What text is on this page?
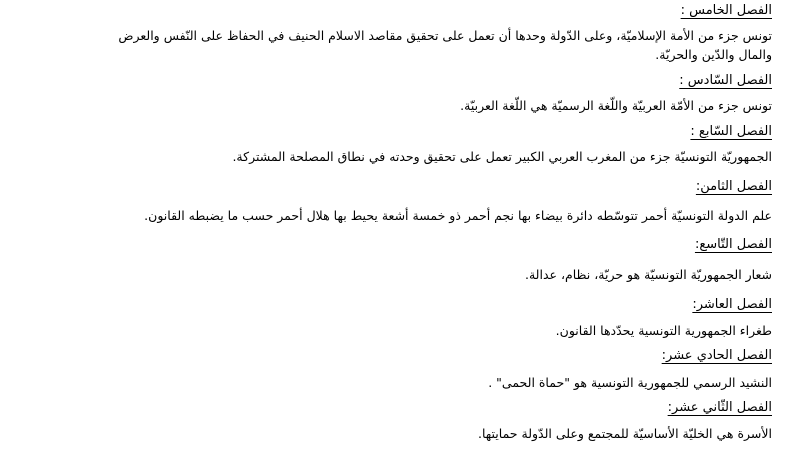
الفصل الخامس :
تونس جزء من الأمة الإسلاميّة، وعلى الدّولة وحدها أن تعمل على تحقيق مقاصد الاسلام الحنيف في الحفاظ على النّفس والعرض
والمال والدّين والحريّة.
الفصل السّادس :
تونس جزء من الأمّة العربيّة واللّغة الرسميّة هي اللّغة العربيّة.
الفصل السّابع :
الجمهوريّة التونسيّة جزء من المغرب العربي الكبير تعمل على تحقيق وحدته في نطاق المصلحة المشتركة.
الفصل الثامن:
علم الدولة التونسيّة أحمر تتوسّطه دائرة بيضاء بها نجم أحمر ذو خمسة أشعة يحيط بها هلال أحمر حسب ما يضبطه القانون.
الفصل التّاسع:
شعار الجمهوريّة التونسيّة هو حريّة، نظام، عدالة.
الفصل العاشر:
طغراء الجمهورية التونسية يحدّدها القانون.
الفصل الحادي عشر:
النشيد الرسمي للجمهورية التونسية هو "حماة الحمى" .
الفصل الثّاني عشر:
الأسرة هي الخليّة الأساسيّة للمجتمع وعلى الدّولة حمايتها.
